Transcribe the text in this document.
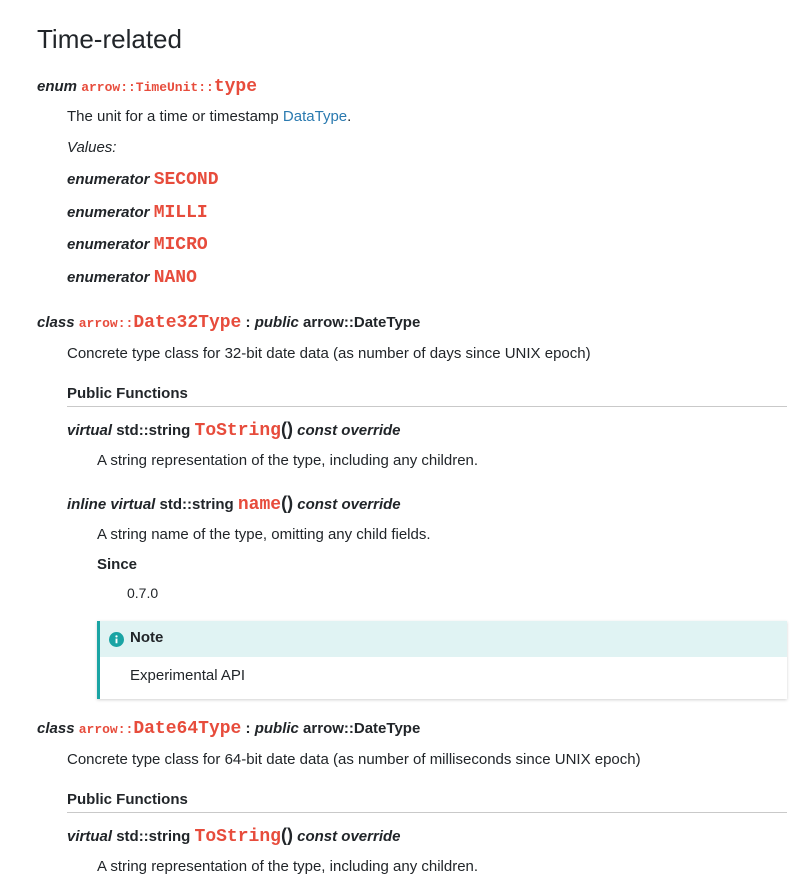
Time-related
enum arrow::TimeUnit::type
The unit for a time or timestamp DataType.
Values:
enumerator SECOND
enumerator MILLI
enumerator MICRO
enumerator NANO
class arrow::Date32Type : public arrow::DateType
Concrete type class for 32-bit date data (as number of days since UNIX epoch)
Public Functions
virtual std::string ToString() const override
A string representation of the type, including any children.
inline virtual std::string name() const override
A string name of the type, omitting any child fields.
Since
0.7.0
Note
Experimental API
class arrow::Date64Type : public arrow::DateType
Concrete type class for 64-bit date data (as number of milliseconds since UNIX epoch)
Public Functions
virtual std::string ToString() const override
A string representation of the type, including any children.
